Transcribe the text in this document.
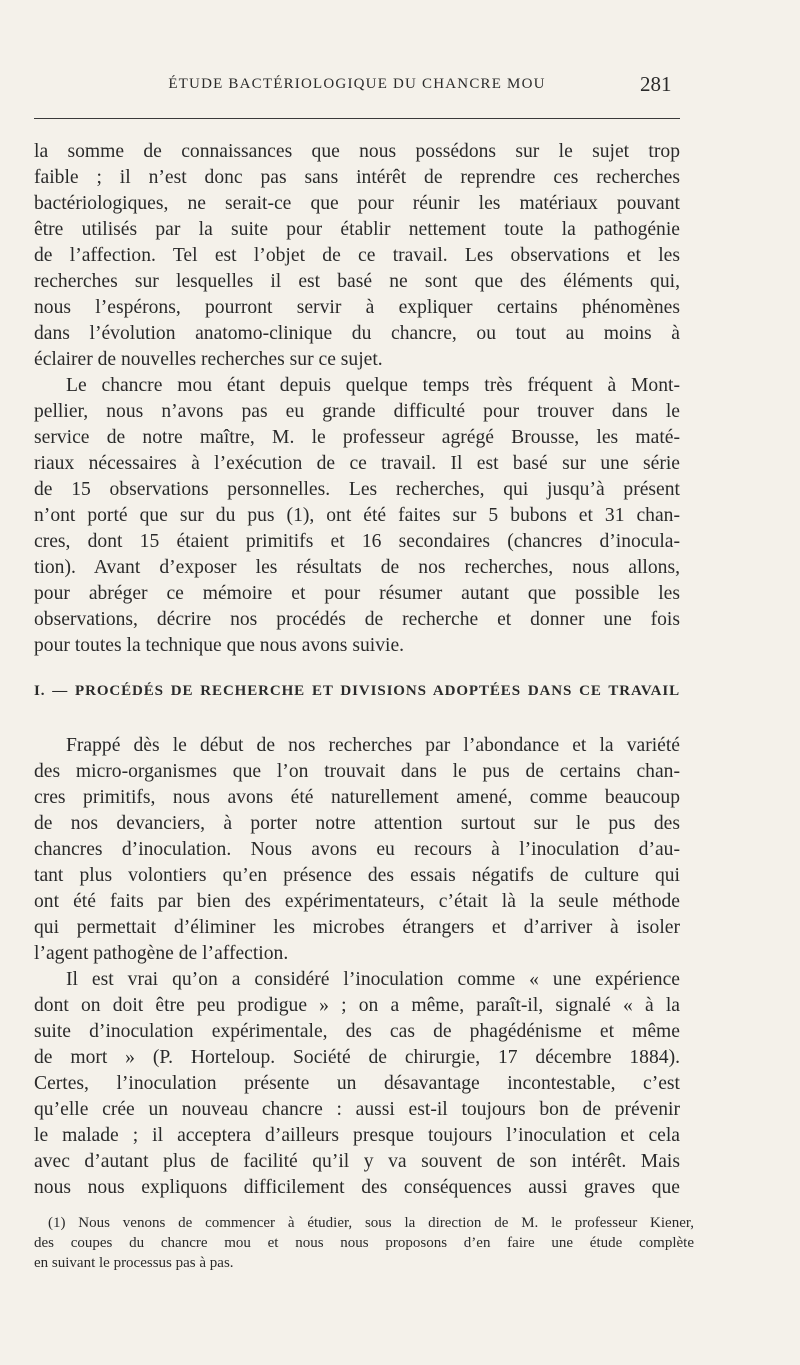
ÉTUDE BACTÉRIOLOGIQUE DU CHANCRE MOU	281
la somme de connaissances que nous possédons sur le sujet trop
faible ; il n’est donc pas sans intérêt de reprendre ces recherches
bactériologiques, ne serait-ce que pour réunir les matériaux pouvant
être utilisés par la suite pour établir nettement toute la pathogénie
de l’affection. Tel est l’objet de ce travail. Les observations et les
recherches sur lesquelles il est basé ne sont que des éléments qui,
nous l’espérons, pourront servir à expliquer certains phénomènes
dans l’évolution anatomo-clinique du chancre, ou tout au moins à
éclairer de nouvelles recherches sur ce sujet.
Le chancre mou étant depuis quelque temps très fréquent à Mont-
pellier, nous n’avons pas eu grande difficulté pour trouver dans le
service de notre maître, M. le professeur agrégé Brousse, les maté-
riaux nécessaires à l’exécution de ce travail. Il est basé sur une série
de 15 observations personnelles. Les recherches, qui jusqu’à présent
n’ont porté que sur du pus (1), ont été faites sur 5 bubons et 31 chan-
cres, dont 15 étaient primitifs et 16 secondaires (chancres d’inocula-
tion). Avant d’exposer les résultats de nos recherches, nous allons,
pour abréger ce mémoire et pour résumer autant que possible les
observations, décrire nos procédés de recherche et donner une fois
pour toutes la technique que nous avons suivie.
I. — PROCÉDÉS DE RECHERCHE ET DIVISIONS ADOPTÉES DANS CE TRAVAIL
Frappé dès le début de nos recherches par l’abondance et la variété
des micro-organismes que l’on trouvait dans le pus de certains chan-
cres primitifs, nous avons été naturellement amené, comme beaucoup
de nos devanciers, à porter notre attention surtout sur le pus des
chancres d’inoculation. Nous avons eu recours à l’inoculation d’au-
tant plus volontiers qu’en présence des essais négatifs de culture qui
ont été faits par bien des expérimentateurs, c’était là la seule méthode
qui permettait d’éliminer les microbes étrangers et d’arriver à isoler
l’agent pathogène de l’affection.
Il est vrai qu’on a considéré l’inoculation comme « une expérience
dont on doit être peu prodigue » ; on a même, paraît-il, signalé « à la
suite d’inoculation expérimentale, des cas de phagédénisme et même
de mort » (P. Horteloup. Société de chirurgie, 17 décembre 1884).
Certes, l’inoculation présente un désavantage incontestable, c’est
qu’elle crée un nouveau chancre : aussi est-il toujours bon de prévenir
le malade ; il acceptera d’ailleurs presque toujours l’inoculation et cela
avec d’autant plus de facilité qu’il y va souvent de son intérêt. Mais
nous nous expliquons difficilement des conséquences aussi graves que
(1) Nous venons de commencer à étudier, sous la direction de M. le professeur Kiener,
des coupes du chancre mou et nous nous proposons d’en faire une étude complète
en suivant le processus pas à pas.
